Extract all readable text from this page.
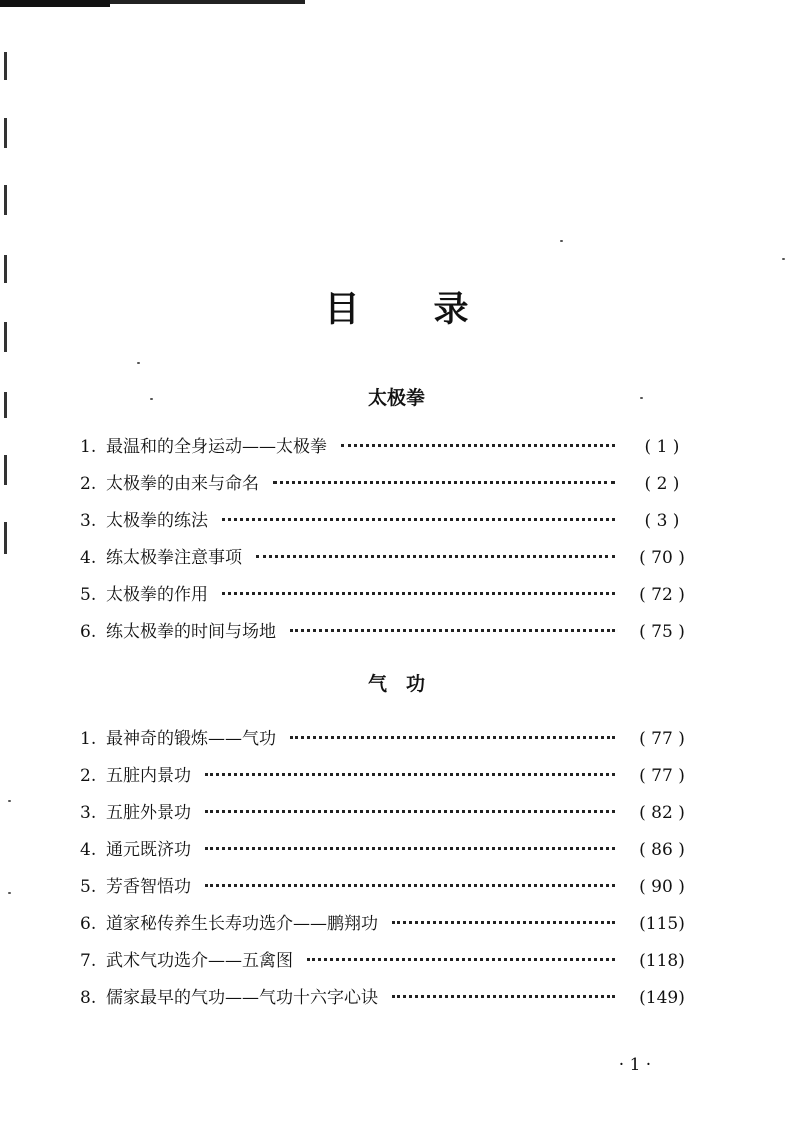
目 录
太极拳
1. 最温和的全身运动——太极拳	( 1 )
2. 太极拳的由来与命名	( 2 )
3. 太极拳的练法	( 3 )
4. 练太极拳注意事项	( 70 )
5. 太极拳的作用	( 72 )
6. 练太极拳的时间与场地	( 75 )
气　功
1. 最神奇的锻炼——气功	( 77 )
2. 五脏内景功	( 77 )
3. 五脏外景功	( 82 )
4. 通元既济功	( 86 )
5. 芳香智悟功	( 90 )
6. 道家秘传养生长寿功选介——鹏翔功	(115)
7. 武术气功选介——五禽图	(118)
8. 儒家最早的气功——气功十六字心诀	(149)
· 1 ·
